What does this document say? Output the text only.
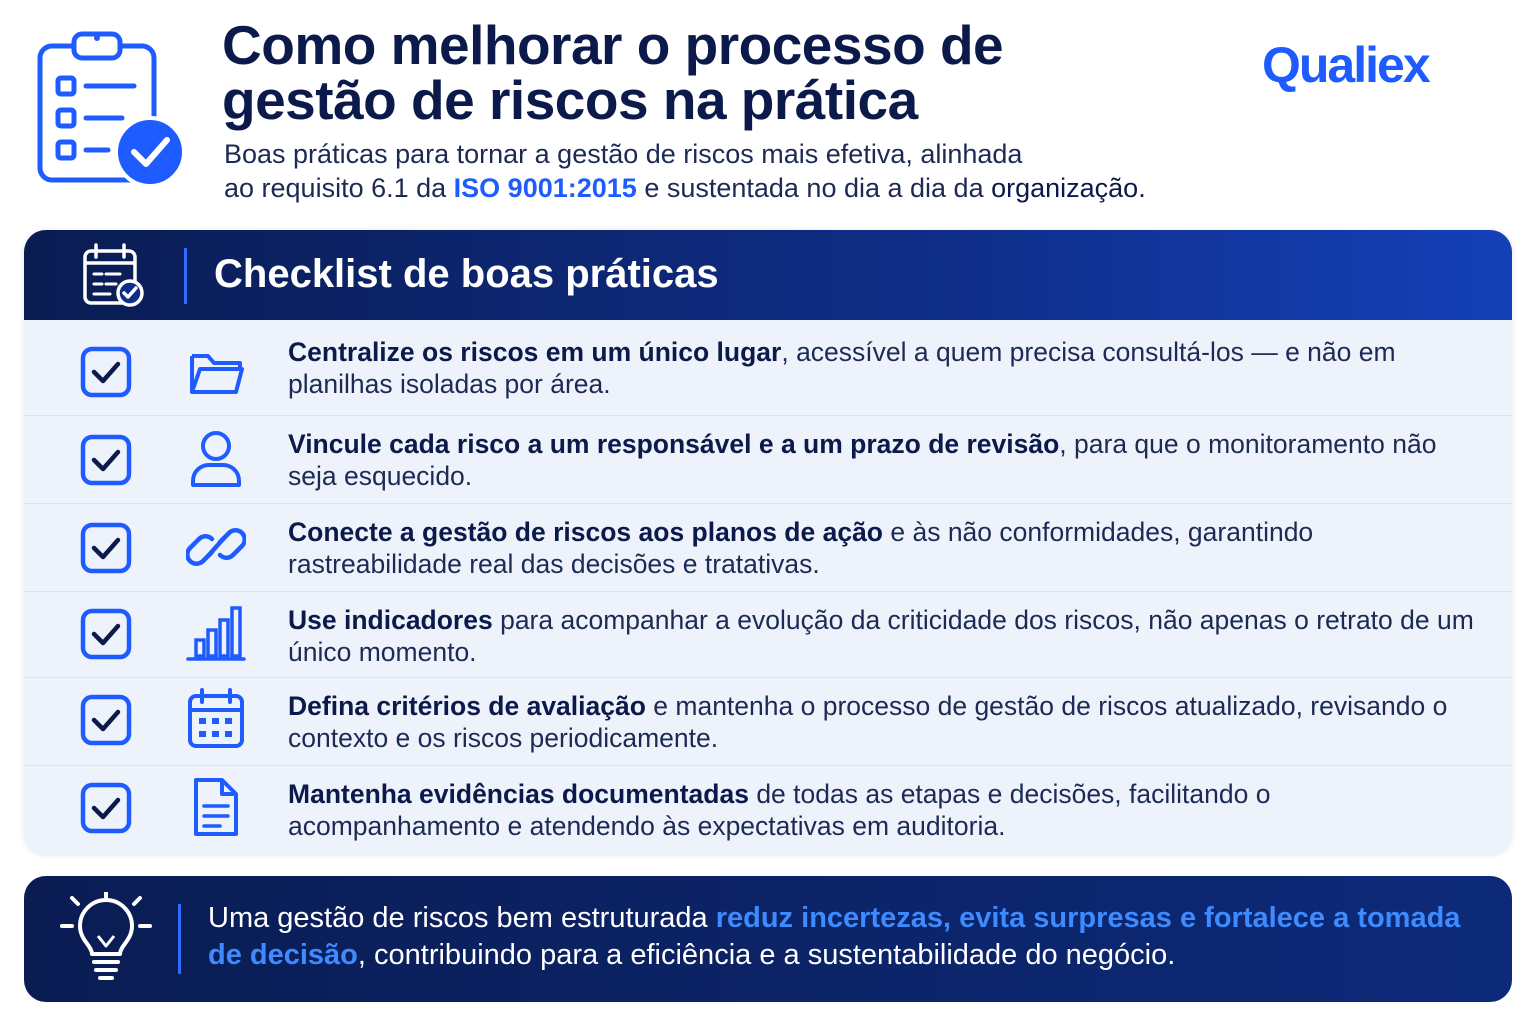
Como melhorar o processo de
gestão de riscos na prática
Boas práticas para tornar a gestão de riscos mais efetiva, alinhada
ao requisito 6.1 da ISO 9001:2015 e sustentada no dia a dia da organização.
Qualiex
Checklist de boas práticas
Centralize os riscos em um único lugar, acessível a quem precisa consultá-los — e não em planilhas isoladas por área.
Vincule cada risco a um responsável e a um prazo de revisão, para que o monitoramento não seja esquecido.
Conecte a gestão de riscos aos planos de ação e às não conformidades, garantindo rastreabilidade real das decisões e tratativas.
Use indicadores para acompanhar a evolução da criticidade dos riscos, não apenas o retrato de um único momento.
Defina critérios de avaliação e mantenha o processo de gestão de riscos atualizado, revisando o contexto e os riscos periodicamente.
Mantenha evidências documentadas de todas as etapas e decisões, facilitando o acompanhamento e atendendo às expectativas em auditoria.
Uma gestão de riscos bem estruturada reduz incertezas, evita surpresas e fortalece a tomada de decisão, contribuindo para a eficiência e a sustentabilidade do negócio.
